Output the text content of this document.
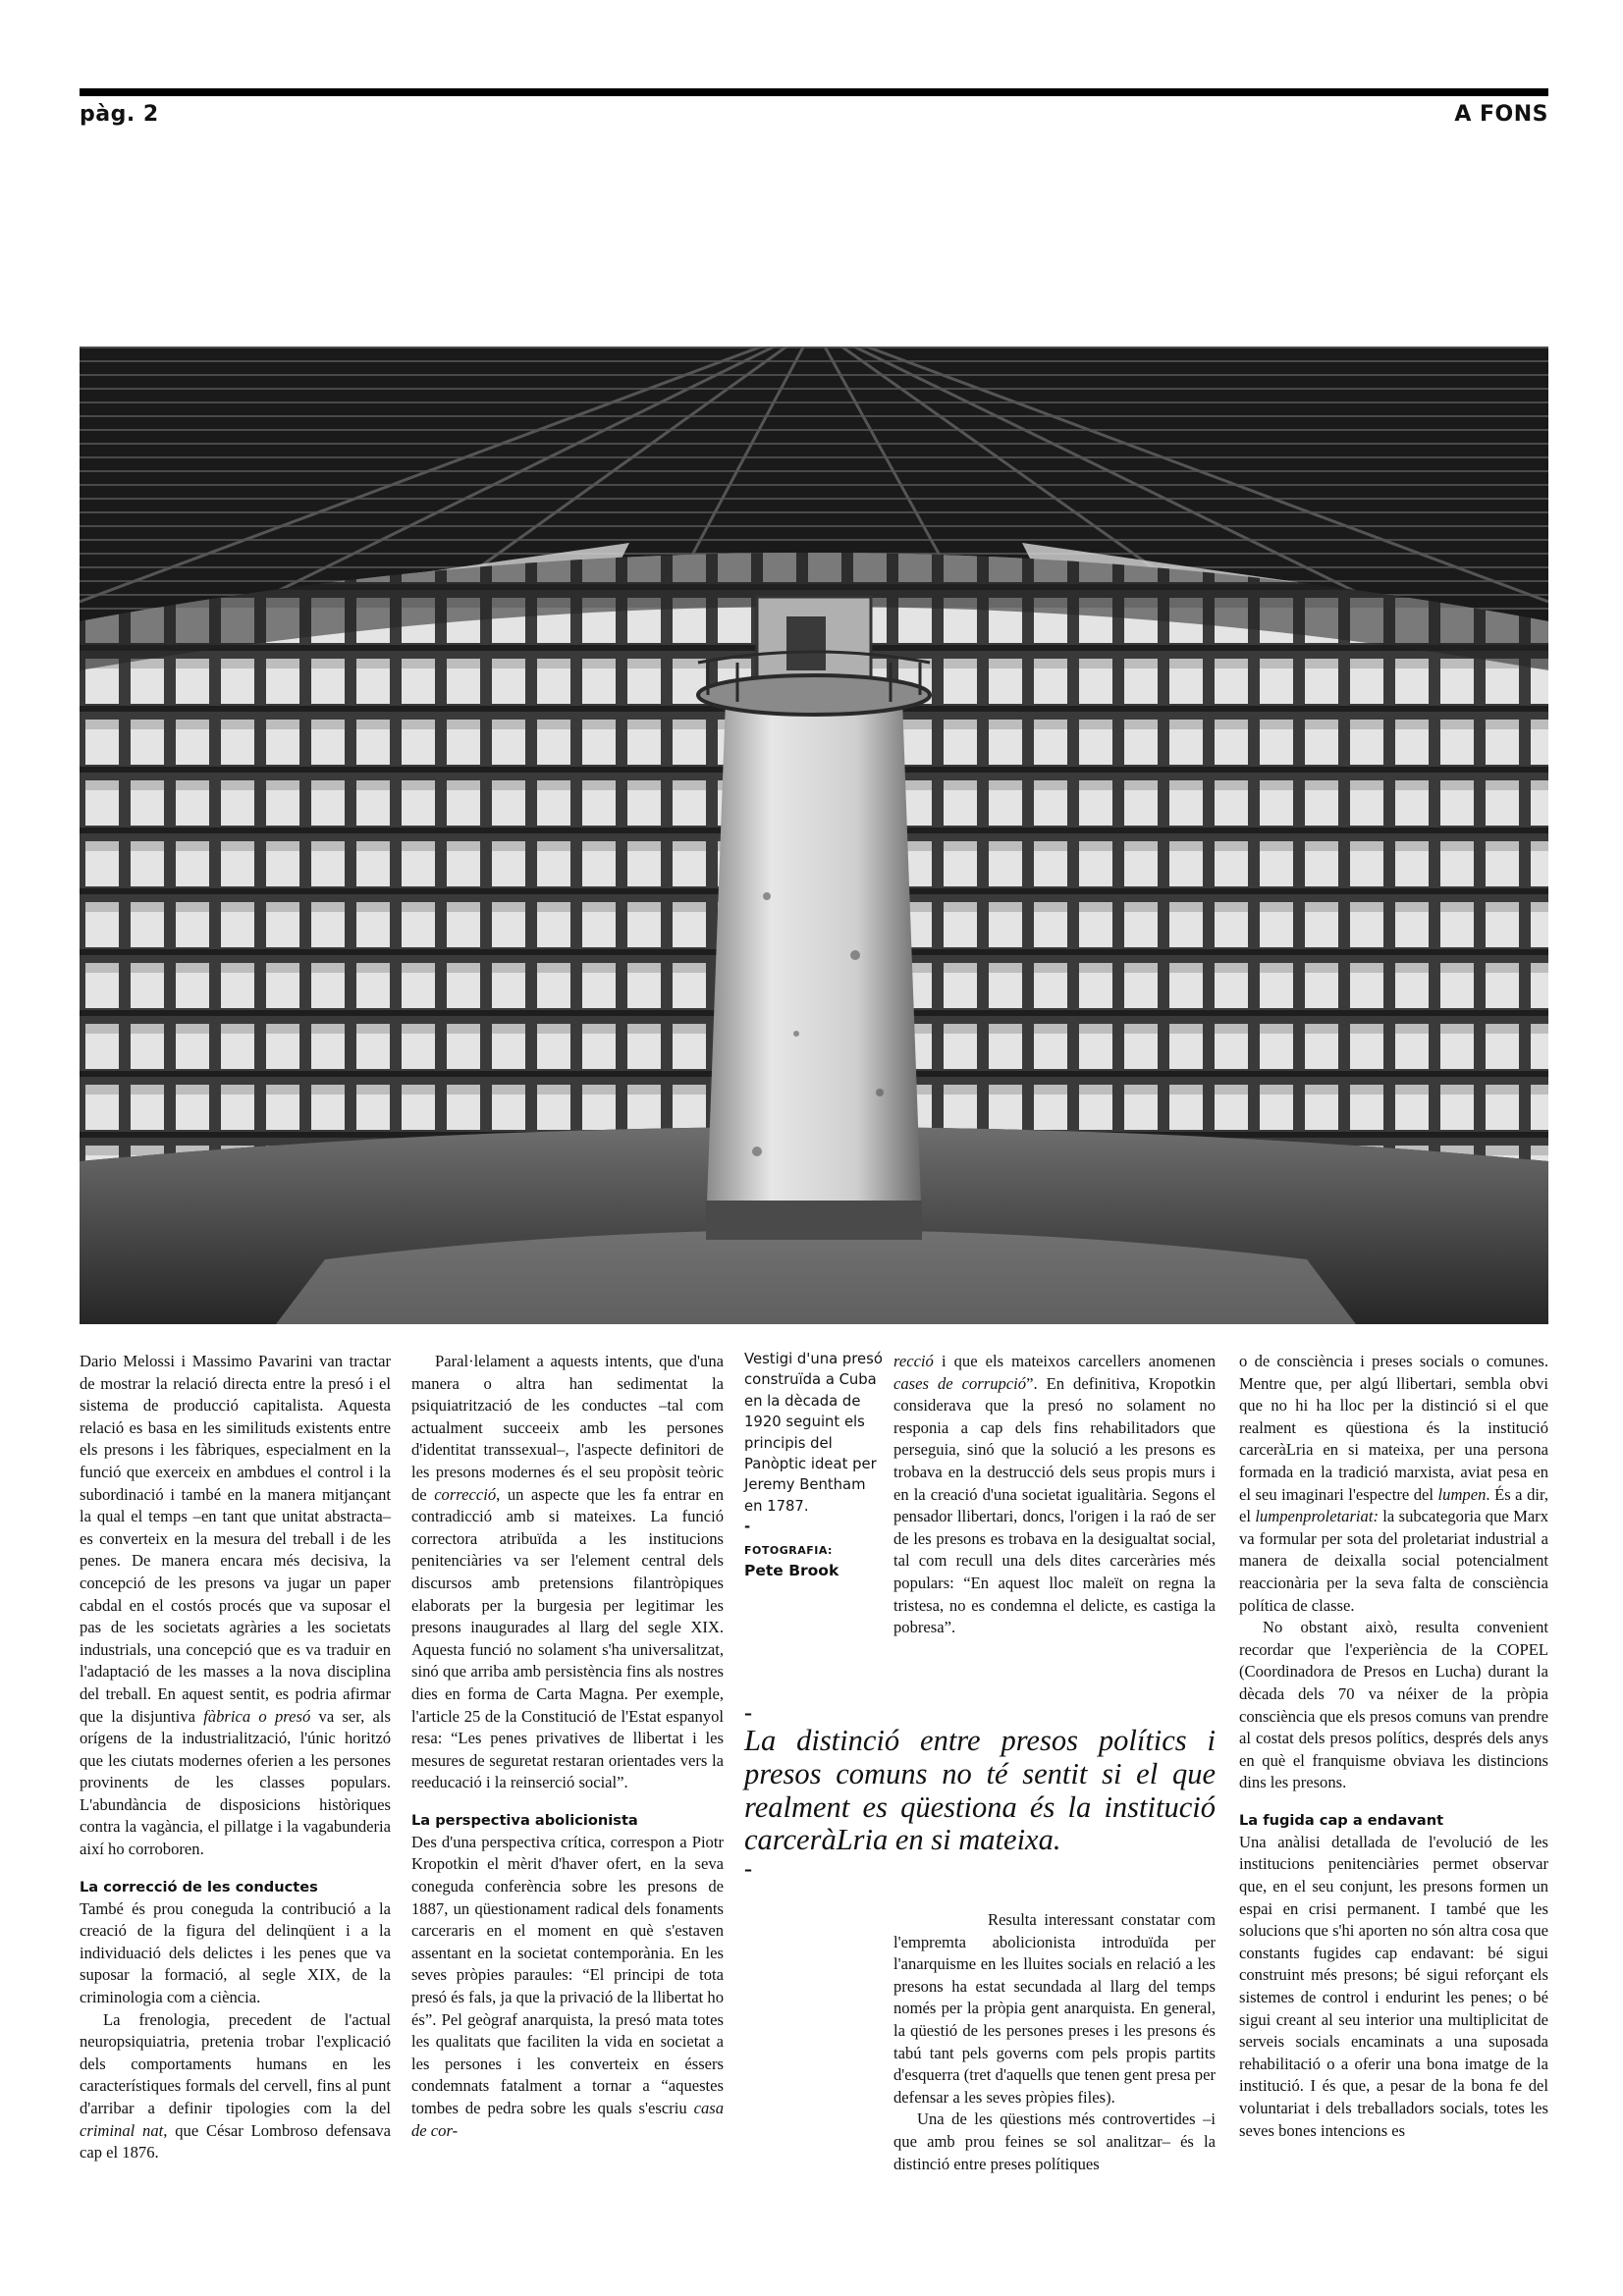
pàg. 2	A FONS

Dario Melossi i Massimo Pavarini van tractar de mostrar la relació directa entre la presó i el sistema de producció capitalista. Aquesta relació es basa en les similituds existents entre els presons i les fàbriques, especialment en la funció que exerceix en ambdues el control i la subordinació i també en la manera mitjançant la qual el temps –en tant que unitat abstracta– es converteix en la mesura del treball i de les penes. De manera encara més decisiva, la concepció de les presons va jugar un paper cabdal en el costós procés que va suposar el pas de les societats agràries a les societats industrials, una concepció que es va traduir en l'adaptació de les masses a la nova disciplina del treball. En aquest sentit, es podria afirmar que la disjuntiva fàbrica o presó va ser, als orígens de la industrialització, l'únic horitzó que les ciutats modernes oferien a les persones provinents de les classes populars. L'abundància de disposicions històriques contra la vagància, el pillatge i la vagabunderia així ho corroboren.

La correcció de les conductes

També és prou coneguda la contribució a la creació de la figura del delinqüent i a la individuació dels delictes i les penes que va suposar la formació, al segle XIX, de la criminologia com a ciència.

La frenologia, precedent de l'actual neuropsiquiatria, pretenia trobar l'explicació dels comportaments humans en les característiques formals del cervell, fins al punt d'arribar a definir tipologies com la del criminal nat, que César Lombroso defensava cap el 1876.

Paral·lelament a aquests intents, que d'una manera o altra han sedimentat la psiquiatrització de les conductes –tal com actualment succeeix amb les persones d'identitat transsexual–, l'aspecte definitori de les presons modernes és el seu propòsit teòric de correcció, un aspecte que les fa entrar en contradicció amb si mateixes. La funció correctora atribuïda a les institucions penitenciàries va ser l'element central dels discursos amb pretensions filantròpiques elaborats per la burgesia per legitimar les presons inaugurades al llarg del segle XIX. Aquesta funció no solament s'ha universalitzat, sinó que arriba amb persistència fins als nostres dies en forma de Carta Magna. Per exemple, l'article 25 de la Constitució de l'Estat espanyol resa: “Les penes privatives de llibertat i les mesures de seguretat restaran orientades vers la reeducació i la reinserció social”.

La perspectiva abolicionista

Des d'una perspectiva crítica, correspon a Piotr Kropotkin el mèrit d'haver ofert, en la seva coneguda conferència sobre les presons de 1887, un qüestionament radical dels fonaments carceraris en el moment en què s'estaven assentant en la societat contemporània. En les seves pròpies paraules: “El principi de tota presó és fals, ja que la privació de la llibertat ho és”. Pel geògraf anarquista, la presó mata totes les qualitats que faciliten la vida en societat a les persones i les converteix en éssers condemnats fatalment a tornar a “aquestes tombes de pedra sobre les quals s'escriu casa de cor-

Vestigi d'una presó construïda a Cuba en la dècada de 1920 seguint els principis del Panòptic ideat per Jeremy Bentham en 1787.
-
FOTOGRAFIA:
Pete Brook

recció i que els mateixos carcellers anomenen cases de corrupció”. En definitiva, Kropotkin considerava que la presó no solament no responia a cap dels fins rehabilitadors que perseguia, sinó que la solució a les presons es trobava en la destrucció dels seus propis murs i en la creació d'una societat igualitària. Segons el pensador llibertari, doncs, l'origen i la raó de ser de les presons es trobava en la desigualtat social, tal com recull una dels dites carceràries més populars: “En aquest lloc maleït on regna la tristesa, no es condemna el delicte, es castiga la pobresa”.

–
La distinció entre presos polítics i presos comuns no té sentit si el que realment es qüestiona és la institució carceràLria en si mateixa.
–

Resulta interessant constatar com l'empremta abolicionista introduïda per l'anarquisme en les lluites socials en relació a les presons ha estat secundada al llarg del temps només per la pròpia gent anarquista. En general, la qüestió de les persones preses i les presons és tabú tant pels governs com pels propis partits d'esquerra (tret d'aquells que tenen gent presa per defensar a les seves pròpies files).

Una de les qüestions més controvertides –i que amb prou feines se sol analitzar– és la distinció entre preses polítiques

o de consciència i preses socials o comunes. Mentre que, per algú llibertari, sembla obvi que no hi ha lloc per la distinció si el que realment es qüestiona és la institució carceràLria en si mateixa, per una persona formada en la tradició marxista, aviat pesa en el seu imaginari l'espectre del lumpen. És a dir, el lumpenproletariat: la subcategoria que Marx va formular per sota del proletariat industrial a manera de deixalla social potencialment reaccionària per la seva falta de consciència política de classe.

No obstant això, resulta convenient recordar que l'experiència de la COPEL (Coordinadora de Presos en Lucha) durant la dècada dels 70 va néixer de la pròpia consciència que els presos comuns van prendre al costat dels presos polítics, després dels anys en què el franquisme obviava les distincions dins les presons.

La fugida cap a endavant

Una anàlisi detallada de l'evolució de les institucions penitenciàries permet observar que, en el seu conjunt, les presons formen un espai en crisi permanent. I també que les solucions que s'hi aporten no són altra cosa que constants fugides cap endavant: bé sigui construint més presons; bé sigui reforçant els sistemes de control i endurint les penes; o bé sigui creant al seu interior una multiplicitat de serveis socials encaminats a una suposada rehabilitació o a oferir una bona imatge de la institució. I és que, a pesar de la bona fe del voluntariat i dels treballadors socials, totes les seves bones intencions es
